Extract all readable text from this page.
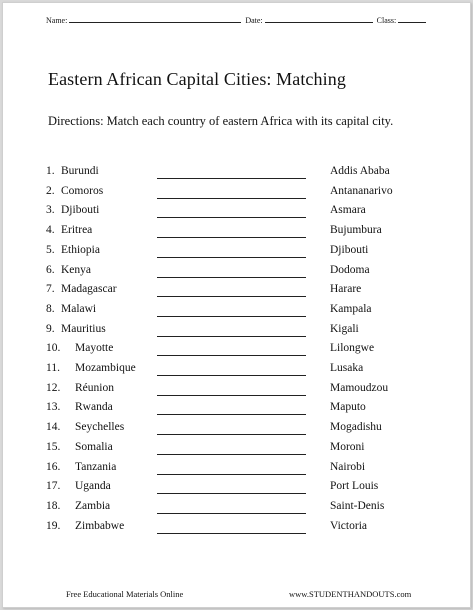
Name:	Date:	Class:
Eastern African Capital Cities: Matching
Directions: Match each country of eastern Africa with its capital city.
1. Burundi	Addis Ababa
2. Comoros	Antananarivo
3. Djibouti	Asmara
4. Eritrea	Bujumbura
5. Ethiopia	Djibouti
6. Kenya	Dodoma
7. Madagascar	Harare
8. Malawi	Kampala
9. Mauritius	Kigali
10. Mayotte	Lilongwe
11. Mozambique	Lusaka
12. Réunion	Mamoudzou
13. Rwanda	Maputo
14. Seychelles	Mogadishu
15. Somalia	Moroni
16. Tanzania	Nairobi
17. Uganda	Port Louis
18. Zambia	Saint-Denis
19. Zimbabwe	Victoria
Free Educational Materials Online	www.STUDENTHANDOUTS.com
